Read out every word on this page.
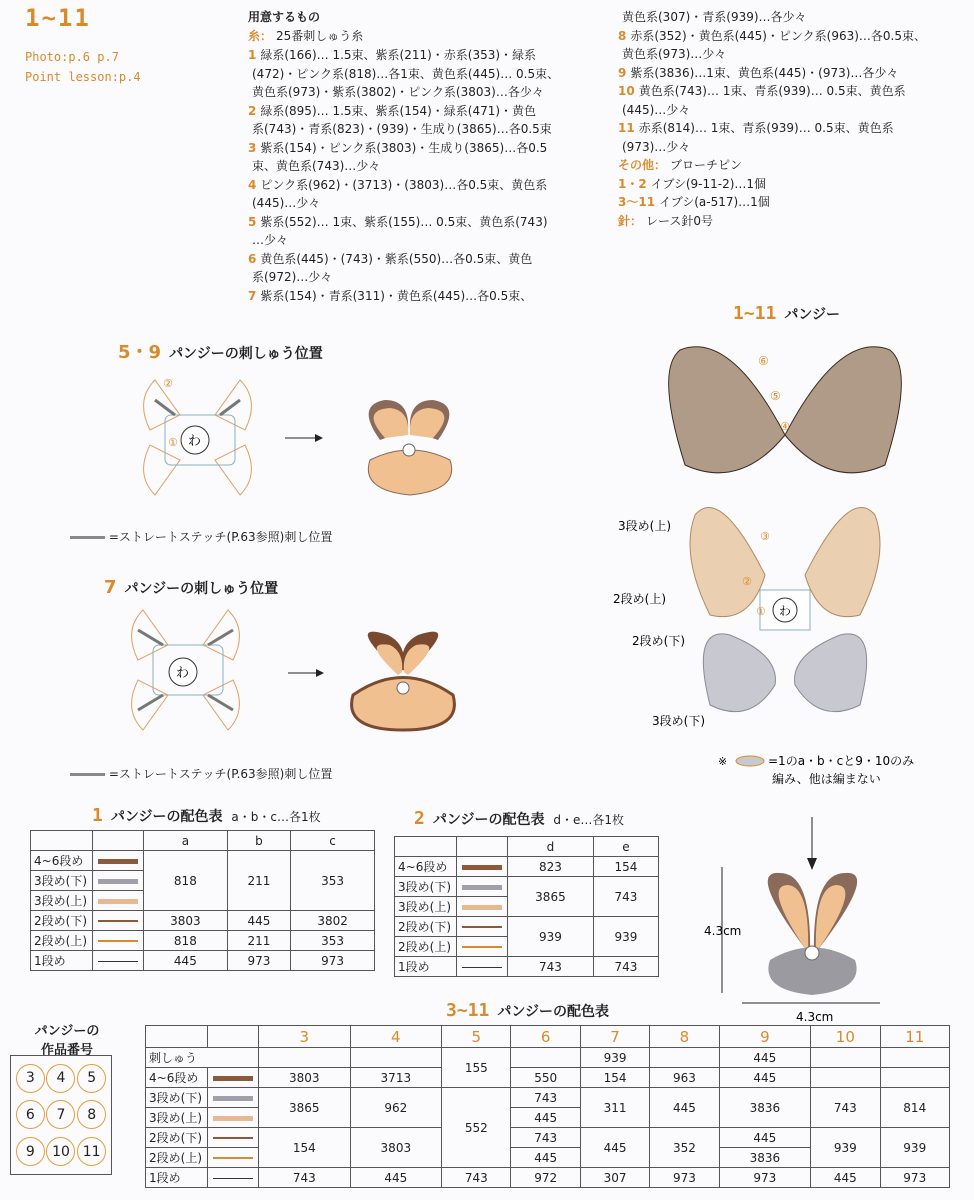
1~11
Photo:p.6 p.7
Point lesson:p.4
用意するもの
糸： 25番刺しゅう糸
1 緑系(166)… 1.5束、紫系(211)・赤系(353)・緑系
(472)・ピンク系(818)…各1束、黄色系(445)… 0.5束、
黄色系(973)・紫系(3802)・ピンク系(3803)…各少々
2 緑系(895)… 1.5束、紫系(154)・緑系(471)・黄色
系(743)・青系(823)・(939)・生成り(3865)…各0.5束
3 紫系(154)・ピンク系(3803)・生成り(3865)…各0.5
束、黄色系(743)…少々
4 ピンク系(962)・(3713)・(3803)…各0.5束、黄色系
(445)…少々
5 紫系(552)… 1束、紫系(155)… 0.5束、黄色系(743)
…少々
6 黄色系(445)・(743)・紫系(550)…各0.5束、黄色
系(972)…少々
7 紫系(154)・青系(311)・黄色系(445)…各0.5束、
黄色系(307)・青系(939)…各少々
8 赤系(352)・黄色系(445)・ピンク系(963)…各0.5束、
黄色系(973)…少々
9 紫系(3836)…1束、黄色系(445)・(973)…各少々
10 黄色系(743)… 1束、青系(939)… 0.5束、黄色系
(445)…少々
11 赤系(814)… 1束、青系(939)… 0.5束、黄色系
(973)…少々
その他： ブローチピン
1・2 イブシ(9-11-2)…1個
3～11 イブシ(a-517)…1個
針： レース針0号
5・9 パンジーの刺しゅう位置
わ
①
②
=ストレートステッチ(P.63参照)刺し位置
7 パンジーの刺しゅう位置
わ
=ストレートステッチ(P.63参照)刺し位置
1~11 パンジー
わ
⑥
⑤
④
③
①
②
3段め(上)
2段め(上)
2段め(下)
3段め(下)
※	=1のa・b・cと9・10のみ
編み、他は編まない
1 パンジーの配色表 a・b・c…各1枚
		a	b	c
4~6段め		818	211	353
3段め(下)				
3段め(上)				
2段め(下)		3803	445	3802
2段め(上)		818	211	353
1段め		445	973	973
2 パンジーの配色表 d・e…各1枚
		d	e
4~6段め		823	154
3段め(下)		3865	743
3段め(上)			
2段め(下)		939	939
2段め(上)			
1段め		743	743
4.3cm
4.3cm
3~11 パンジーの配色表
		3	4	5	6	7	8	9	10	11
刺しゅう				155		939		445		
4~6段め		3803	3713		550	154	963	445		
3段め(下)		3865	962	552	743	311	445	3836	743	814
3段め(上)					445					
2段め(下)		154	3803		743	445	352	445	939	939
2段め(上)					445			3836		
1段め		743	445	743	972	307	973	973	445	973
パンジーの
作品番号
3	4	5
6	7	8
9	10 11
